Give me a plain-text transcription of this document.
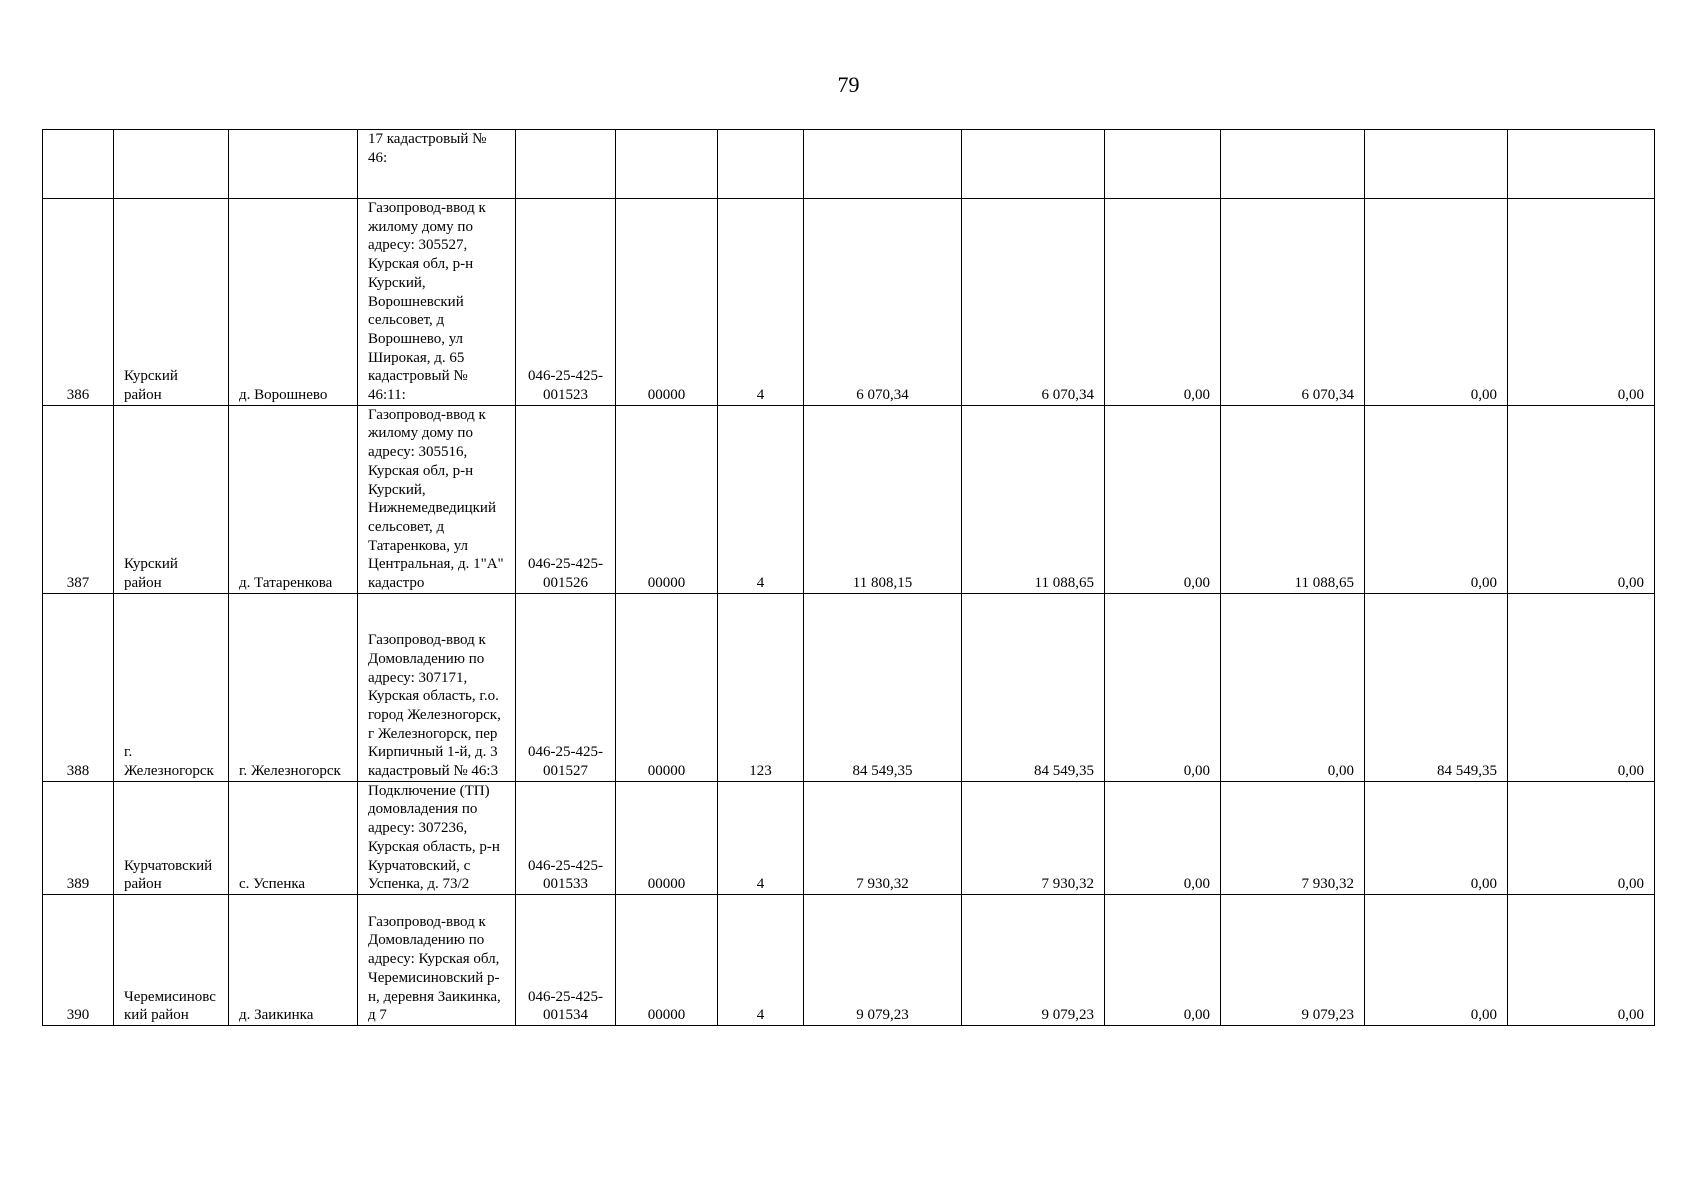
79
			17 кадастровый № 46:									
386	Курский район	д. Ворошнево	Газопровод-ввод к жилому дому по адресу: 305527, Курская обл, р-н Курский, Ворошневский сельсовет, д Ворошнево, ул Широкая, д. 65 кадастровый № 46:11:	046-25-425-001523	00000	4	6 070,34	6 070,34	0,00	6 070,34	0,00	0,00
387	Курский район	д. Татаренкова	Газопровод-ввод к жилому дому по адресу: 305516, Курская обл, р-н Курский, Нижнемедведицкий сельсовет, д Татаренкова, ул Центральная, д. 1"А" кадастро	046-25-425-001526	00000	4	11 808,15	11 088,65	0,00	11 088,65	0,00	0,00
388	г. Железногорск	г. Железногорск	Газопровод-ввод к Домовладению по адресу: 307171, Курская область, г.о. город Железногорск, г Железногорск, пер Кирпичный 1-й, д. 3 кадастровый № 46:3	046-25-425-001527	00000	123	84 549,35	84 549,35	0,00	0,00	84 549,35	0,00
389	Курчатовский район	с. Успенка	Подключение (ТП) домовладения по адресу: 307236, Курская область, р-н Курчатовский, с Успенка, д. 73/2	046-25-425-001533	00000	4	7 930,32	7 930,32	0,00	7 930,32	0,00	0,00
390	Черемисиновский район	д. Заикинка	Газопровод-ввод к Домовладению по адресу: Курская обл, Черемисиновский р-н, деревня Заикинка, д 7	046-25-425-001534	00000	4	9 079,23	9 079,23	0,00	9 079,23	0,00	0,00
